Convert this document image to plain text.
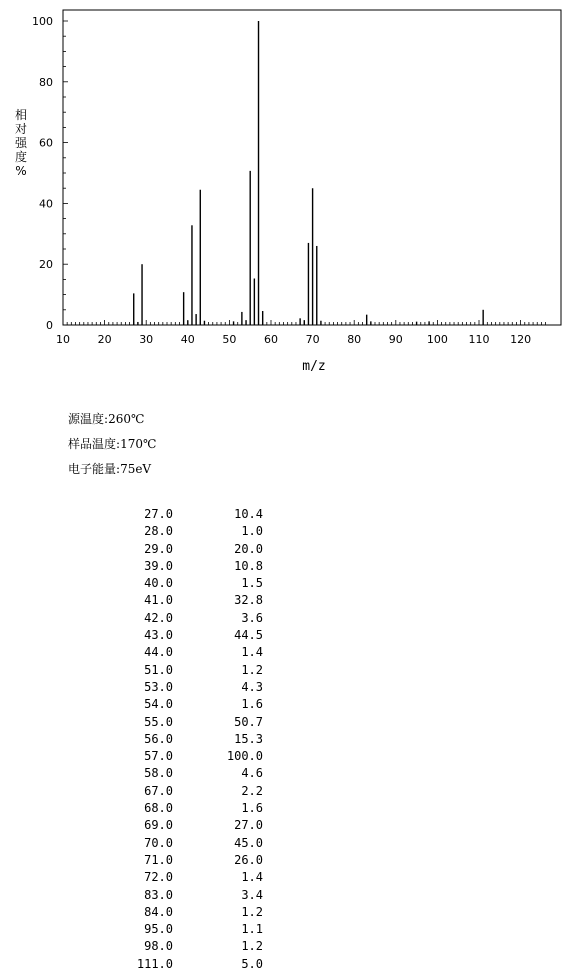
10	20	30	40	50	60	70	80	90 100 110 120
0
20
40
60
80
100
m/z
相
对
强
度
%
源温度:260℃
样品温度:170℃
电子能量:75eV
27.0	10.4
28.0	1.0
29.0	20.0
39.0	10.8
40.0	1.5
41.0	32.8
42.0	3.6
43.0	44.5
44.0	1.4
51.0	1.2
53.0	4.3
54.0	1.6
55.0	50.7
56.0	15.3
57.0	100.0
58.0	4.6
67.0	2.2
68.0	1.6
69.0	27.0
70.0	45.0
71.0	26.0
72.0	1.4
83.0	3.4
84.0	1.2
95.0	1.1
98.0	1.2
111.0	5.0
